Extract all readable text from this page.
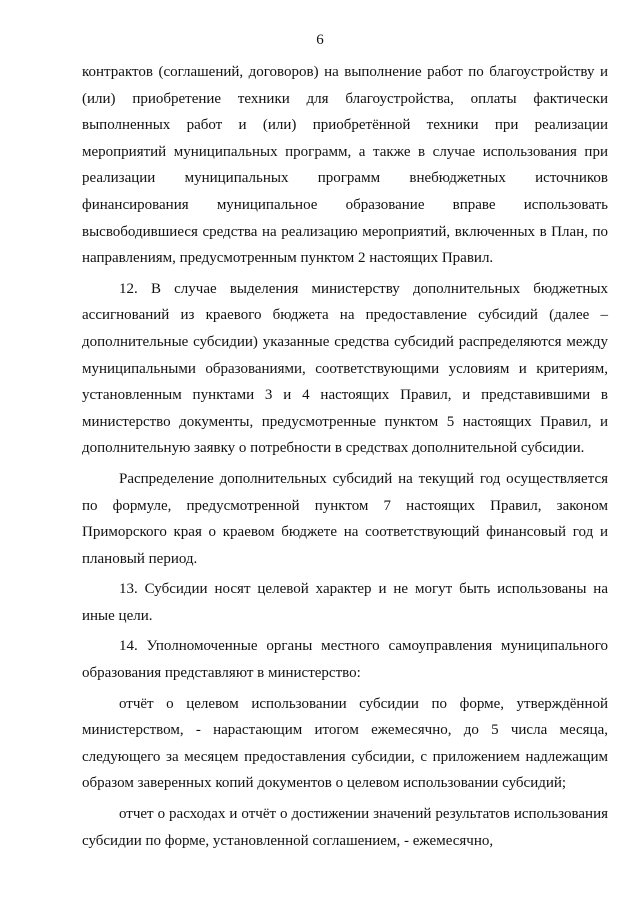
6

контрактов (соглашений, договоров) на выполнение работ по благоустройству и (или) приобретение техники для благоустройства, оплаты фактически выполненных работ и (или) приобретённой техники при реализации мероприятий муниципальных программ, а также в случае использования при реализации муниципальных программ внебюджетных источников финансирования муниципальное образование вправе использовать высвободившиеся средства на реализацию мероприятий, включенных в План, по направлениям, предусмотренным пунктом 2 настоящих Правил.

12. В случае выделения министерству дополнительных бюджетных ассигнований из краевого бюджета на предоставление субсидий (далее – дополнительные субсидии) указанные средства субсидий распределяются между муниципальными образованиями, соответствующими условиям и критериям, установленным пунктами 3 и 4 настоящих Правил, и представившими в министерство документы, предусмотренные пунктом 5 настоящих Правил, и дополнительную заявку о потребности в средствах дополнительной субсидии.

Распределение дополнительных субсидий на текущий год осуществляется по формуле, предусмотренной пунктом 7 настоящих Правил, законом Приморского края о краевом бюджете на соответствующий финансовый год и плановый период.

13. Субсидии носят целевой характер и не могут быть использованы на иные цели.

14. Уполномоченные органы местного самоуправления муниципального образования представляют в министерство:

отчёт о целевом использовании субсидии по форме, утверждённой министерством, - нарастающим итогом ежемесячно, до 5 числа месяца, следующего за месяцем предоставления субсидии, с приложением надлежащим образом заверенных копий документов о целевом использовании субсидий;

отчет о расходах и отчёт о достижении значений результатов использования субсидии по форме, установленной соглашением, - ежемесячно,
